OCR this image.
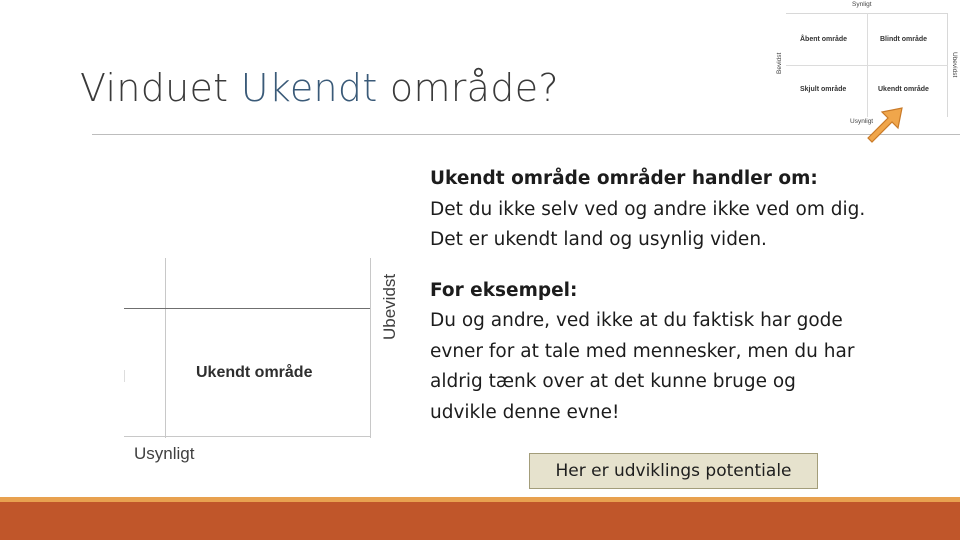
Vinduet Ukendt område?
Synligt
Usynligt
Bevidst	Ubevidst
Åbent område	Blindt område
Skjult område	Ukendt område
Ukendt område
Usynligt
Ubevidst

Ukendt område områder handler om:

Det du ikke selv ved og andre ikke ved om dig.

Det er ukendt land og usynlig viden.

For eksempel:

Du og andre, ved ikke at du faktisk har gode

evner for at tale med mennesker, men du har

aldrig tænk over at det kunne bruge og

udvikle denne evne!

Her er udviklings potentiale
